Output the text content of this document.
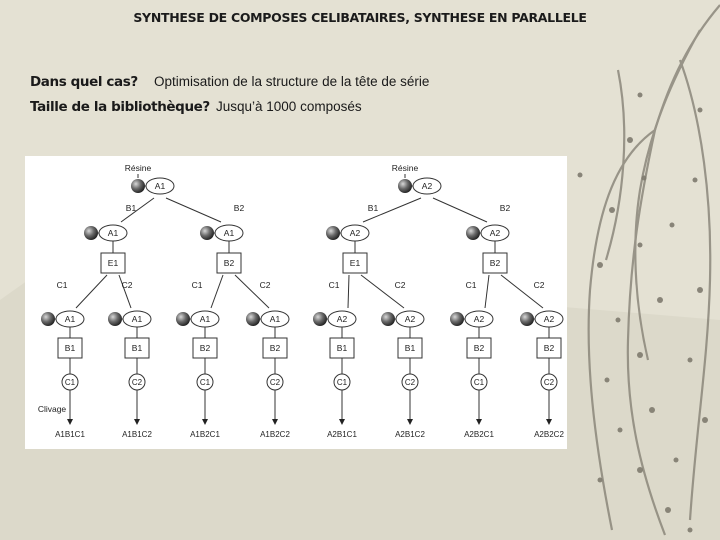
SYNTHESE DE COMPOSES CELIBATAIRES, SYNTHESE EN PARALLELE
Dans quel cas? Optimisation de la structure de la tête de série
Taille de la bibliothèque? Jusqu’à 1000 composés
Résine
A1
Résine
A2
B1
A1
E1
B2
A1
B2
B1
A2
E1
B2
A2
B2
C1
A1
B1
C1
A1B1C1
C2
A1
B1
C2
A1B1C2
C1
A1
B2
C1
A1B2C1
C2
A1
B2
C2
A1B2C2
C1
A2
B1
C1
A2B1C1
C2
A2
B1
C2
A2B1C2
C1
A2
B2
C1
A2B2C1
C2
A2
B2
C2
A2B2C2
Clivage
